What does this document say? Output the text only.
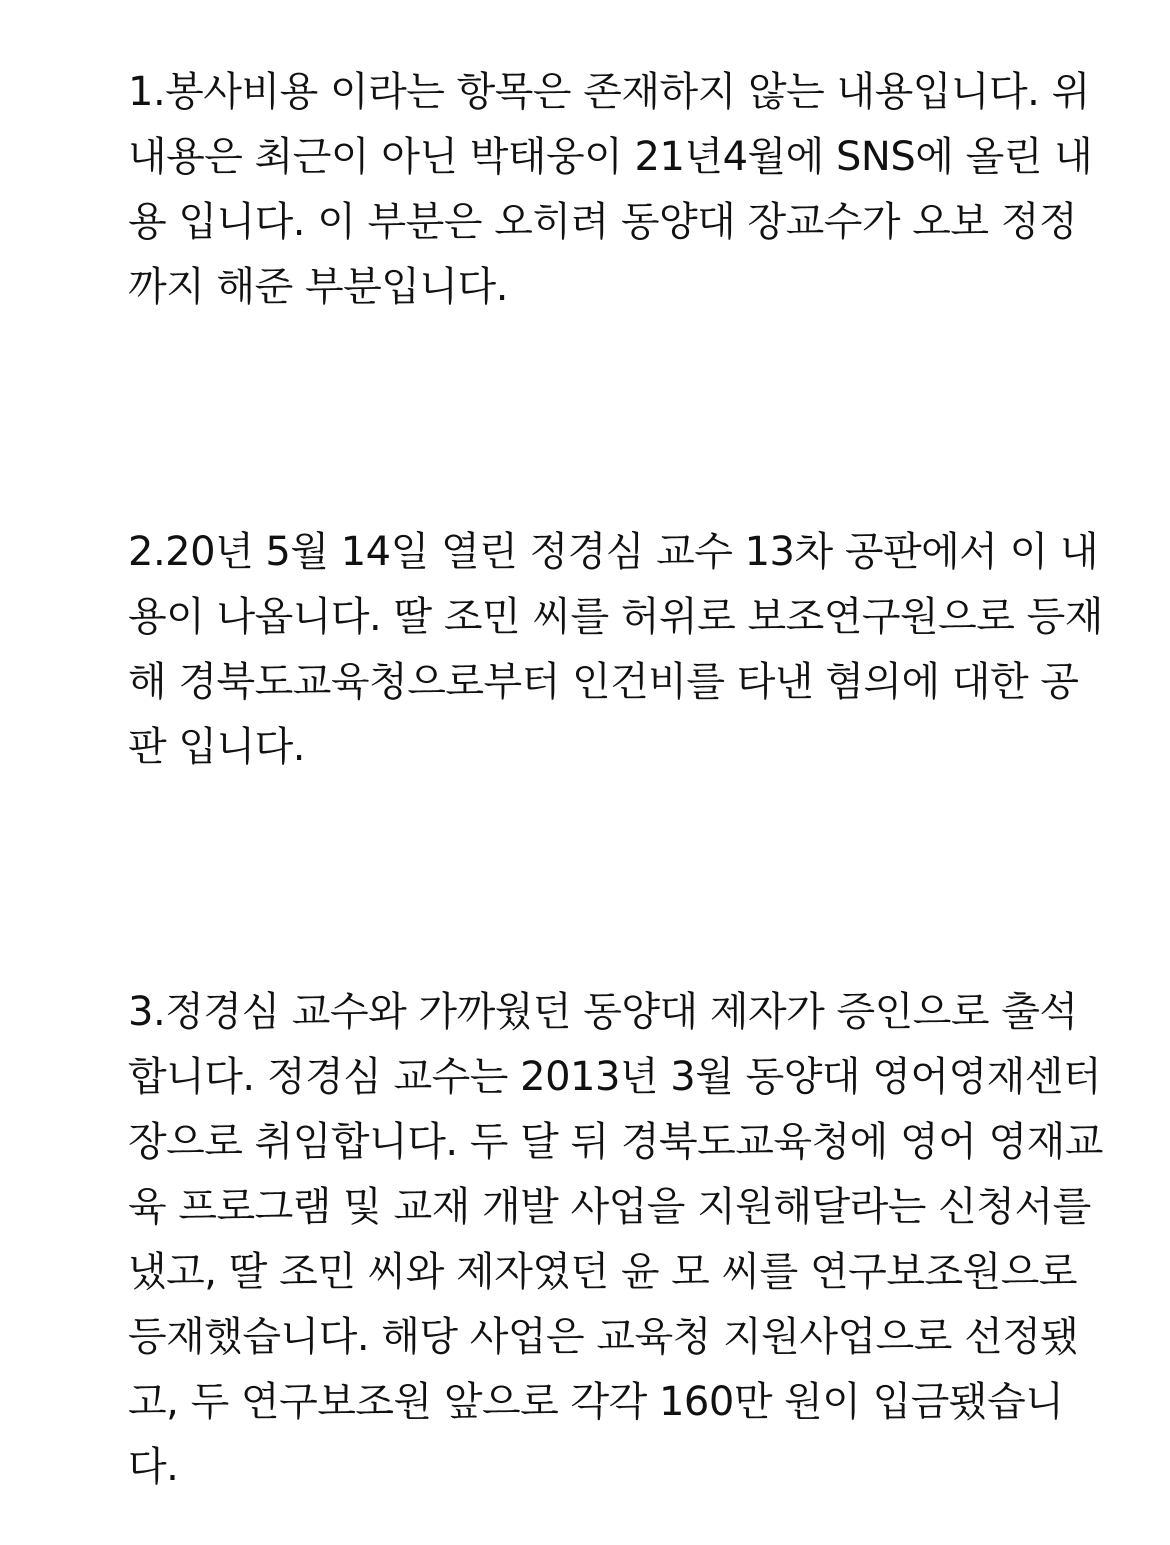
1.봉사비용 이라는 항목은 존재하지 않는 내용입니다. 위
내용은 최근이 아닌 박태웅이 21년4월에 SNS에 올린 내
용 입니다. 이 부분은 오히려 동양대 장교수가 오보 정정
까지 해준 부분입니다.
2.20년 5월 14일 열린 정경심 교수 13차 공판에서 이 내
용이 나옵니다. 딸 조민 씨를 허위로 보조연구원으로 등재
해 경북도교육청으로부터 인건비를 타낸 혐의에 대한 공
판 입니다.
3.정경심 교수와 가까웠던 동양대 제자가 증인으로 출석
합니다. 정경심 교수는 2013년 3월 동양대 영어영재센터
장으로 취임합니다. 두 달 뒤 경북도교육청에 영어 영재교
육 프로그램 및 교재 개발 사업을 지원해달라는 신청서를
냈고, 딸 조민 씨와 제자였던 윤 모 씨를 연구보조원으로
등재했습니다. 해당 사업은 교육청 지원사업으로 선정됐
고, 두 연구보조원 앞으로 각각 160만 원이 입금됐습니
다.
